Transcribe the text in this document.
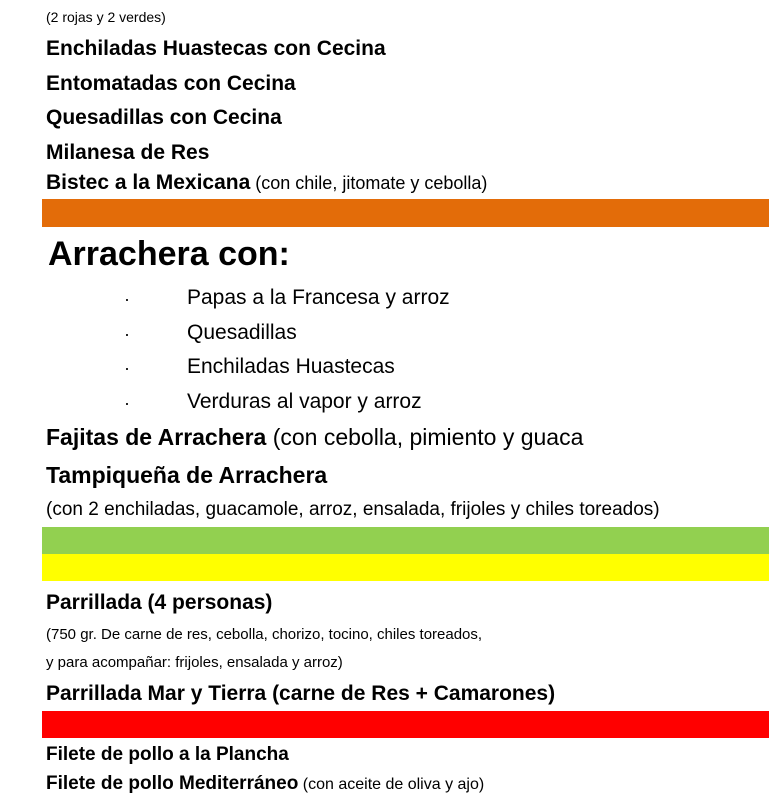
(2 rojas y 2 verdes)
Enchiladas Huastecas con Cecina
Entomatadas con Cecina
Quesadillas con Cecina
Milanesa de Res
Bistec a la Mexicana (con chile, jitomate y cebolla)
Arrachera con:
·	Papas a la Francesa y arroz
·	Quesadillas
·	Enchiladas Huastecas
·	Verduras al vapor y arroz
Fajitas de Arrachera (con cebolla, pimiento y guaca
Tampiqueña de Arrachera
(con 2 enchiladas, guacamole, arroz, ensalada, frijoles y chiles toreados)
Parrillada (4 personas)
(750 gr. De carne de res, cebolla, chorizo, tocino, chiles toreados,
y para acompañar: frijoles, ensalada y arroz)
Parrillada Mar y Tierra (carne de Res + Camarones)
Filete de pollo a la Plancha
Filete de pollo Mediterráneo (con aceite de oliva y ajo)
